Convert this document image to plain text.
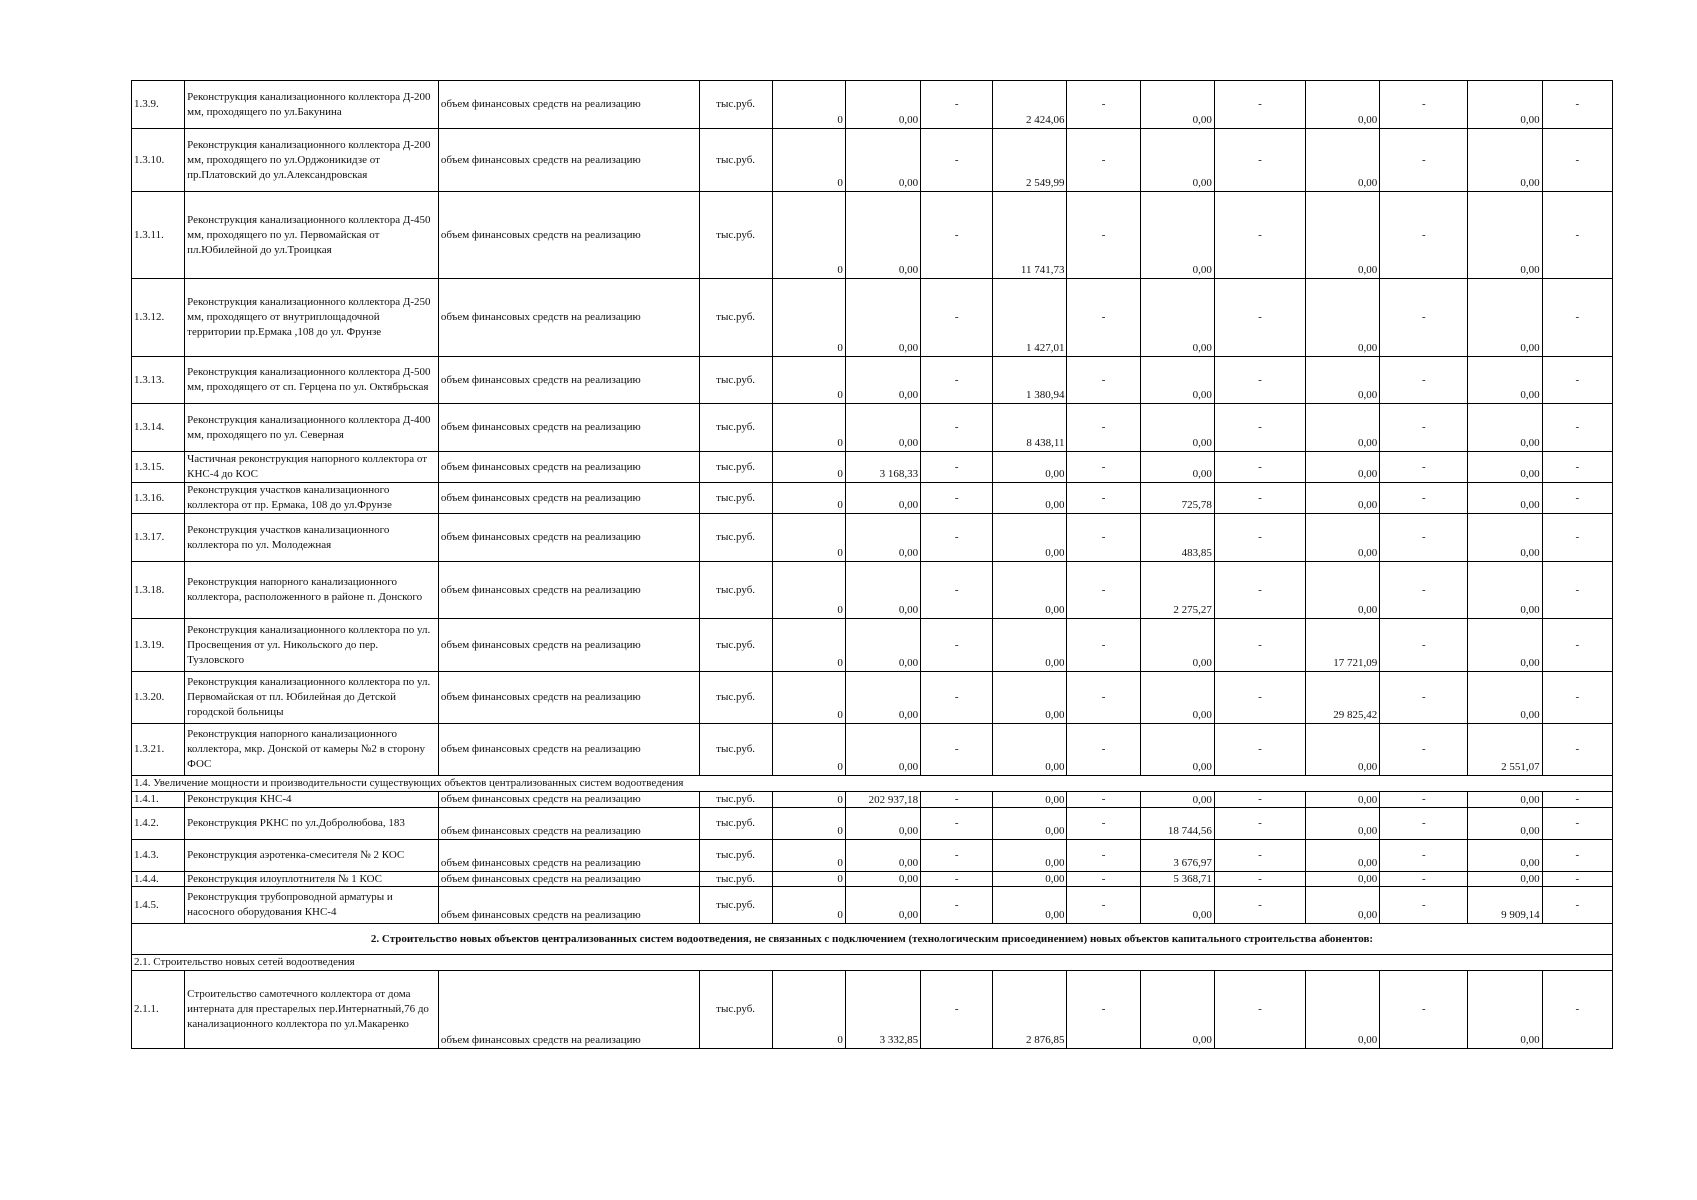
1.3.9.	Реконструкция канализационного коллектора Д-200 мм, проходящего по ул.Бакунина	объем финансовых средств на реализацию	тыс.руб.	0	0,00	-	2 424,06	-	0,00	-	0,00	-	0,00	-
1.3.10.	Реконструкция канализационного коллектора Д-200 мм, проходящего по ул.Орджоникидзе от пр.Платовский до ул.Александровская	объем финансовых средств на реализацию	тыс.руб.	0	0,00	-	2 549,99	-	0,00	-	0,00	-	0,00	-
1.3.11.	Реконструкция канализационного коллектора Д-450 мм, проходящего по ул. Первомайская от пл.Юбилейной до ул.Троицкая	объем финансовых средств на реализацию	тыс.руб.	0	0,00	-	11 741,73	-	0,00	-	0,00	-	0,00	-
1.3.12.	Реконструкция канализационного коллектора Д-250 мм, проходящего от внутриплощадочной территории пр.Ермака ,108 до ул. Фрунзе	объем финансовых средств на реализацию	тыс.руб.	0	0,00	-	1 427,01	-	0,00	-	0,00	-	0,00	-
1.3.13.	Реконструкция канализационного коллектора Д-500 мм, проходящего от сп. Герцена по ул. Октябрьская	объем финансовых средств на реализацию	тыс.руб.	0	0,00	-	1 380,94	-	0,00	-	0,00	-	0,00	-
1.3.14.	Реконструкция канализационного коллектора Д-400 мм, проходящего по ул. Северная	объем финансовых средств на реализацию	тыс.руб.	0	0,00	-	8 438,11	-	0,00	-	0,00	-	0,00	-
1.3.15.	Частичная реконструкция напорного коллектора от КНС-4 до КОС	объем финансовых средств на реализацию	тыс.руб.	0	3 168,33	-	0,00	-	0,00	-	0,00	-	0,00	-
1.3.16.	Реконструкция участков канализационного коллектора от пр. Ермака, 108 до ул.Фрунзе	объем финансовых средств на реализацию	тыс.руб.	0	0,00	-	0,00	-	725,78	-	0,00	-	0,00	-
1.3.17.	Реконструкция участков канализационного коллектора по ул. Молодежная	объем финансовых средств на реализацию	тыс.руб.	0	0,00	-	0,00	-	483,85	-	0,00	-	0,00	-
1.3.18.	Реконструкция напорного канализационного коллектора, расположенного в районе п. Донского	объем финансовых средств на реализацию	тыс.руб.	0	0,00	-	0,00	-	2 275,27	-	0,00	-	0,00	-
1.3.19.	Реконструкция канализационного коллектора по ул. Просвещения от ул. Никольского до пер. Тузловского	объем финансовых средств на реализацию	тыс.руб.	0	0,00	-	0,00	-	0,00	-	17 721,09	-	0,00	-
1.3.20.	Реконструкция канализационного коллектора по ул. Первомайская от пл. Юбилейная до Детской городской больницы	объем финансовых средств на реализацию	тыс.руб.	0	0,00	-	0,00	-	0,00	-	29 825,42	-	0,00	-
1.3.21.	Реконструкция напорного канализационного коллектора, мкр. Донской от камеры №2 в сторону ФОС	объем финансовых средств на реализацию	тыс.руб.	0	0,00	-	0,00	-	0,00	-	0,00	-	2 551,07	-
1.4. Увеличение мощности и производительности существующих объектов централизованных систем водоотведения														
1.4.1.	Реконструкция КНС-4	объем финансовых средств на реализацию	тыс.руб.	0	202 937,18	-	0,00	-	0,00	-	0,00	-	0,00	-
1.4.2.	Реконструкция РКНС по ул.Добролюбова, 183	объем финансовых средств на реализацию	тыс.руб.	0	0,00	-	0,00	-	18 744,56	-	0,00	-	0,00	-
1.4.3.	Реконструкция аэротенка-смесителя № 2 КОС	объем финансовых средств на реализацию	тыс.руб.	0	0,00	-	0,00	-	3 676,97	-	0,00	-	0,00	-
1.4.4.	Реконструкция илоуплотнителя № 1 КОС	объем финансовых средств на реализацию	тыс.руб.	0	0,00	-	0,00	-	5 368,71	-	0,00	-	0,00	-
1.4.5.	Реконструкция трубопроводной арматуры и насосного оборудования КНС-4	объем финансовых средств на реализацию	тыс.руб.	0	0,00	-	0,00	-	0,00	-	0,00	-	9 909,14	-
2. Строительство новых объектов централизованных систем водоотведения, не связанных с подключением (технологическим присоединением) новых объектов капитального строительства абонентов:														
2.1. Строительство новых сетей водоотведения														
2.1.1.	Строительство самотечного коллектора от дома интерната для престарелых пер.Интернатный,76 до канализационного коллектора по ул.Макаренко	объем финансовых средств на реализацию	тыс.руб.	0	3 332,85	-	2 876,85	-	0,00	-	0,00	-	0,00	-
